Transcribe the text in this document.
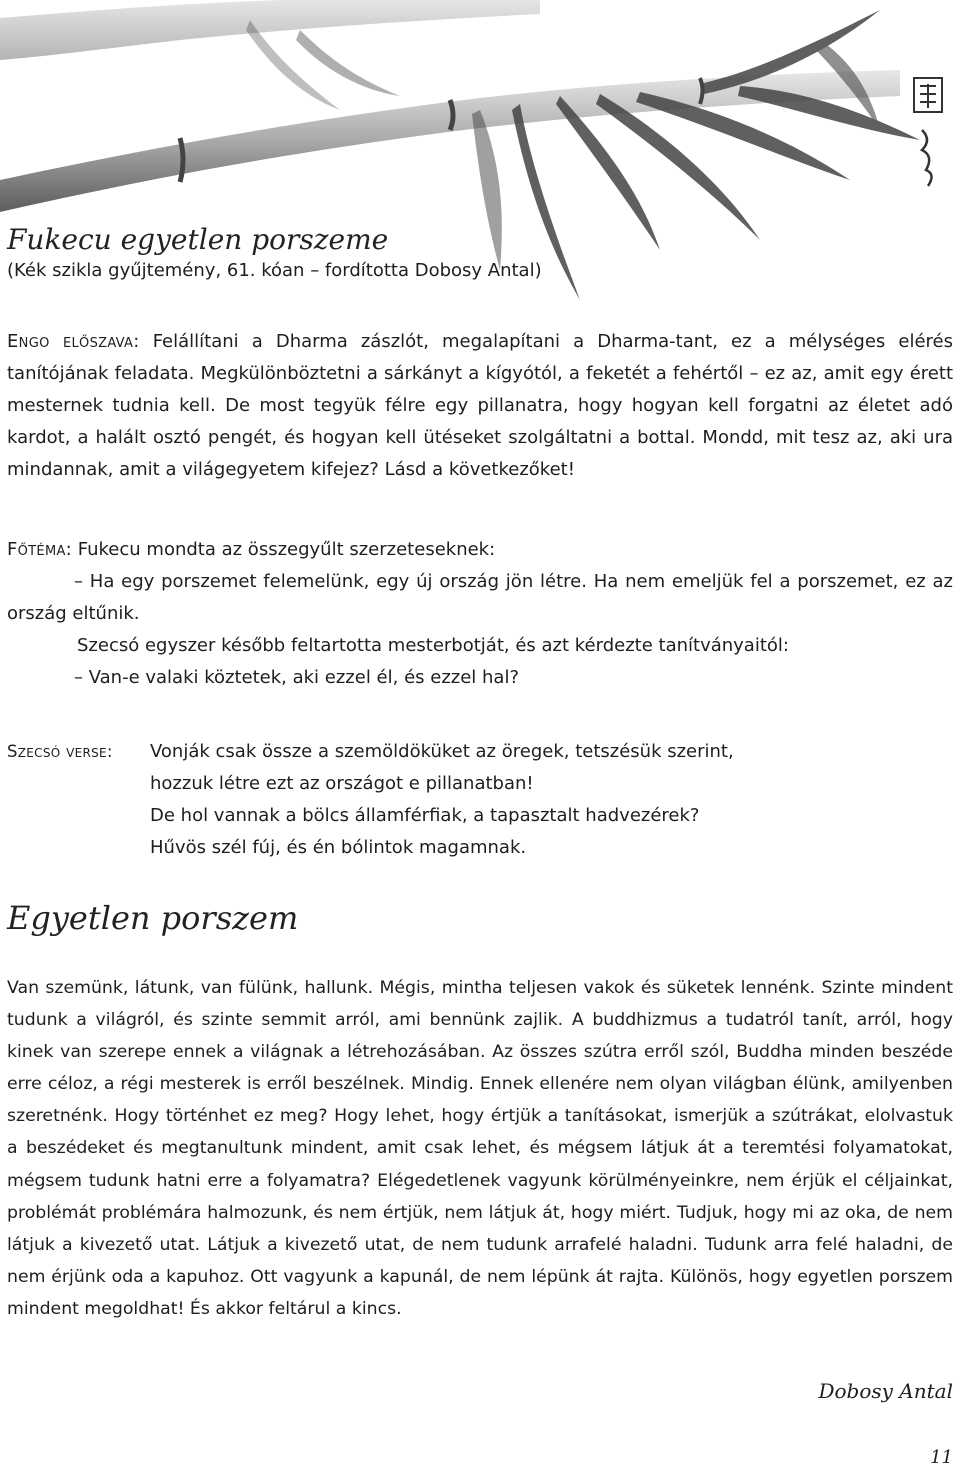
Fukecu egyetlen porszeme
(Kék szikla gyűjtemény, 61. kóan – fordította Dobosy Antal)

Engo előszava: Felállítani a Dharma zászlót, megalapítani a Dharma-tant, ez a mélységes elérés tanítójának feladata. Megkülönböztetni a sárkányt a kígyótól, a feketét a fehértől – ez az, amit egy érett mesternek tudnia kell. De most tegyük félre egy pillanatra, hogy hogyan kell forgatni az életet adó kardot, a halált osztó pengét, és hogyan kell ütéseket szolgáltatni a bottal. Mondd, mit tesz az, aki ura mindannak, amit a világegyetem kifejez? Lásd a következőket!

Főtéma: Fukecu mondta az összegyűlt szerzeteseknek:
– Ha egy porszemet felemelünk, egy új ország jön létre. Ha nem emeljük fel a porszemet, ez az ország eltűnik.
Szecsó egyszer később feltartotta mesterbotját, és azt kérdezte tanítványaitól:
– Van-e valaki köztetek, aki ezzel él, és ezzel hal?
Szecsó verse: Vonják csak össze a szemöldöküket az öregek, tetszésük szerint,
hozzuk létre ezt az országot e pillanatban!
De hol vannak a bölcs államférfiak, a tapasztalt hadvezérek?
Hűvös szél fúj, és én bólintok magamnak.
Egyetlen porszem

Van szemünk, látunk, van fülünk, hallunk. Mégis, mintha teljesen vakok és süketek lennénk. Szinte mindent tudunk a világról, és szinte semmit arról, ami bennünk zajlik. A buddhizmus a tudatról tanít, arról, hogy kinek van szerepe ennek a világnak a létrehozásában. Az összes szútra erről szól, Buddha minden beszéde erre céloz, a régi mesterek is erről beszélnek. Mindig. Ennek ellenére nem olyan világban élünk, amilyenben szeretnénk. Hogy történhet ez meg? Hogy lehet, hogy értjük a tanításokat, ismerjük a szútrákat, elolvastuk a beszédeket és megtanultunk mindent, amit csak lehet, és mégsem látjuk át a teremtési folyamatokat, mégsem tudunk hatni erre a folyamatra? Elégedetlenek vagyunk körülményeinkre, nem érjük el céljainkat, problémát problémára halmozunk, és nem értjük, nem látjuk át, hogy miért. Tudjuk, hogy mi az oka, de nem látjuk a kivezető utat. Látjuk a kivezető utat, de nem tudunk arrafelé haladni. Tudunk arra felé haladni, de nem érjünk oda a kapuhoz. Ott vagyunk a kapunál, de nem lépünk át rajta. Különös, hogy egyetlen porszem mindent megoldhat! És akkor feltárul a kincs.

Dobosy Antal
11
